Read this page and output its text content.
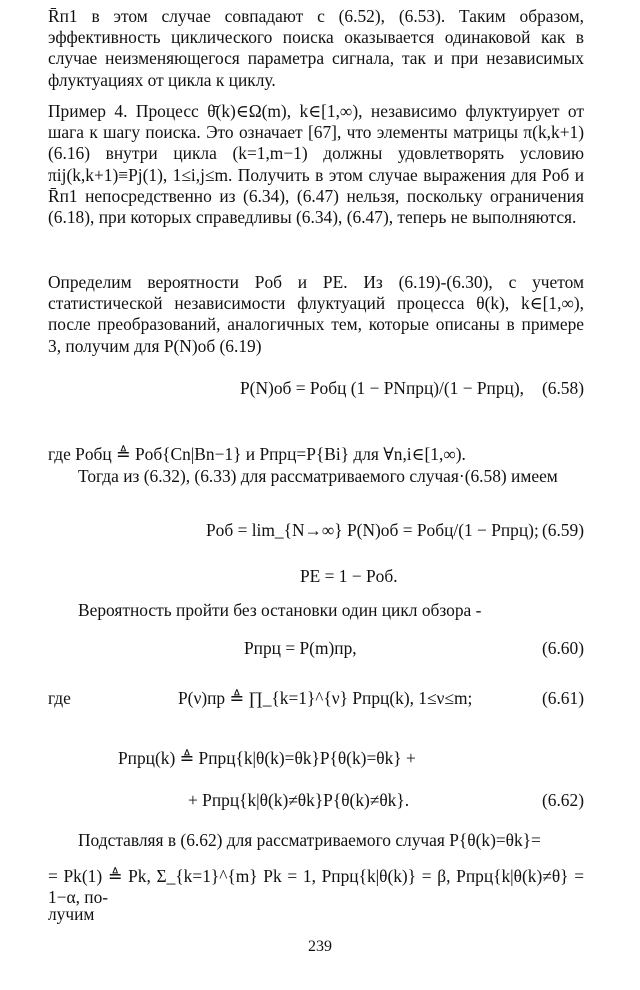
R̄п1 в этом случае совпадают с (6.52), (6.53). Таким образом, эффективность циклического поиска оказывается одинаковой как в случае неизменяющегося параметра сигнала, так и при независимых флуктуациях от цикла к циклу.

Пример 4. Процесс θ̄(k)∈Ω(m), k∈[1,∞), независимо флуктуирует от шага к шагу поиска. Это означает [67], что элементы матрицы π(k,k+1) (6.16) внутри цикла (k=1,m−1) должны удовлетворять условию πij(k,k+1)≡Pj(1), 1≤i,j≤m. Получить в этом случае выражения для Pоб и R̄п1 непосредственно из (6.34), (6.47) нельзя, поскольку ограничения (6.18), при которых справедливы (6.34), (6.47), теперь не выполняются.

Определим вероятности Pоб и PE. Из (6.19)-(6.30), с учетом статистической независимости флуктуаций процесса θ(k), k∈[1,∞), после преобразований, аналогичных тем, которые описаны в примере 3, получим для P(N)об (6.19)

P(N)об = Pобц (1 − PNпрц)/(1 − Pпрц), (6.58)

где Pобц ≜ Pоб{Cn|Bn−1} и Pпрц=P{Bi} для ∀n,i∈[1,∞).

Тогда из (6.32), (6.33) для рассматриваемого случая·(6.58) имеем

Pоб = lim_{N→∞} P(N)об = Pобц/(1 − Pпрц); (6.59)
PE = 1 − Pоб.

Вероятность пройти без остановки один цикл обзора -

Pпрц = P(m)пр,	(6.60)
где	P(ν)пр ≜ ∏_{k=1}^{ν} Pпрц(k), 1≤ν≤m;	(6.61)
Pпрц(k) ≜ Pпрц{k|θ(k)=θk}P{θ(k)=θk} +
+ Pпрц{k|θ(k)≠θk}P{θ(k)≠θk}.	(6.62)

Подставляя в (6.62) для рассматриваемого случая P{θ(k)=θk}=

= Pk(1) ≜ Pk, Σ_{k=1}^{m} Pk = 1, Pпрц{k|θ(k)} = β, Pпрц{k|θ(k)≠θ} = 1−α, по-

лучим

239
